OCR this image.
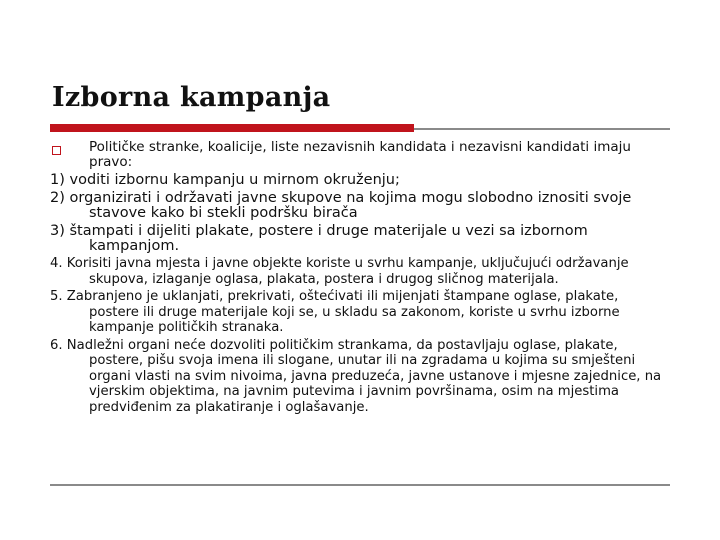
Izborna kampanja
Političke stranke, koalicije, liste nezavisnih kandidata i nezavisni kandidati imaju pravo:
1) voditi izbornu kampanju u mirnom okruženju;
2) organizirati i održavati javne skupove na kojima mogu slobodno iznositi svoje stavove kako bi stekli podršku birača
3) štampati i dijeliti plakate, postere i druge materijale u vezi sa izbornom kampanjom.
4. Korisiti javna mjesta i javne objekte koriste u svrhu kampanje, uključujući održavanje skupova, izlaganje oglasa, plakata, postera i drugog sličnog materijala.
5. Zabranjeno je uklanjati, prekrivati, oštećivati ili mijenjati štampane oglase, plakate, postere ili druge materijale koji se, u skladu sa zakonom, koriste u svrhu izborne kampanje političkih stranaka.
6. Nadležni organi neće dozvoliti političkim strankama, da postavljaju oglase, plakate, postere, pišu svoja imena ili slogane, unutar ili na zgradama u kojima su smješteni organi vlasti na svim nivoima, javna preduzeća, javne ustanove i mjesne zajednice, na vjerskim objektima, na javnim putevima i javnim površinama, osim na mjestima predviđenim za plakatiranje i oglašavanje.
